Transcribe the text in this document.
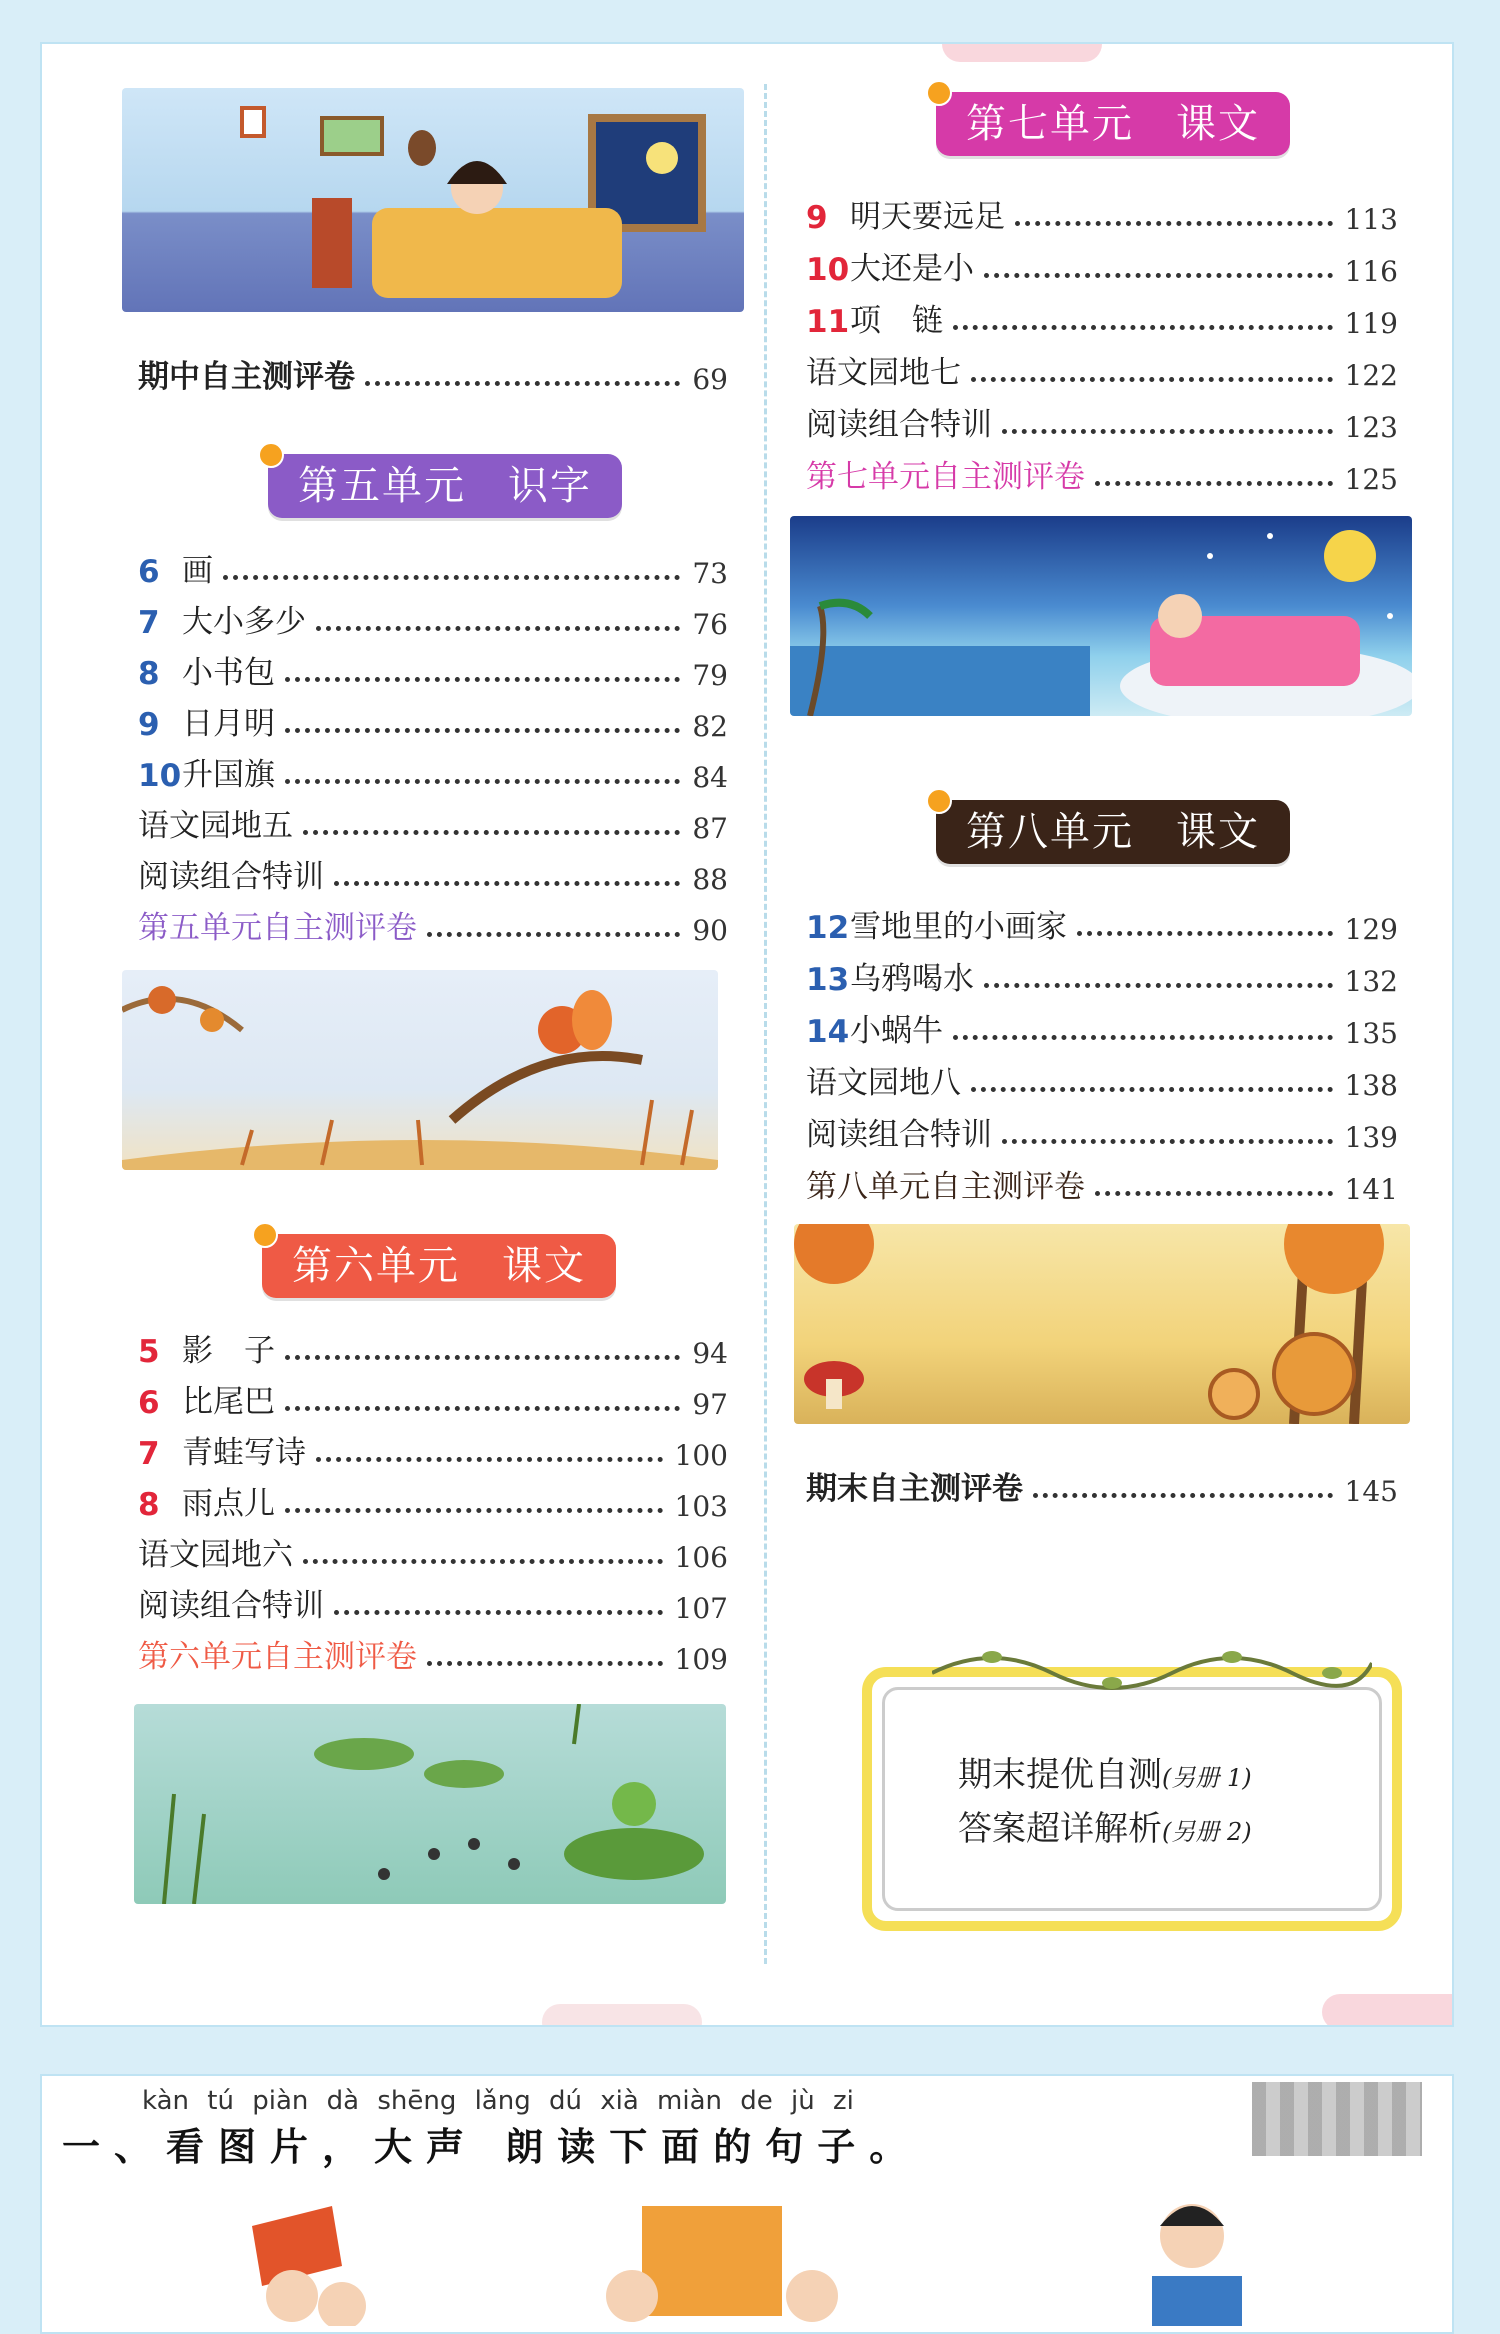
期中自主测评卷	69
第五单元　识字
第六单元　课文
第七单元　课文
第八单元　课文
期末自主测评卷	145
期末提优自测(另册 1)
答案超详解析(另册 2)
6 画	73
7 大小多少	76
8 小书包	79
9 日月明	82
10 升国旗	84
语文园地五	87
阅读组合特训	88
第五单元自主测评卷	90
5 影　子	94
6 比尾巴	97
7 青蛙写诗	100
8 雨点儿	103
语文园地六	106
阅读组合特训	107
第六单元自主测评卷	109
9 明天要远足	113
10 大还是小	116
11 项　链	119
语文园地七	122
阅读组合特训	123
第七单元自主测评卷	125
12 雪地里的小画家	129
13 乌鸦喝水	132
14 小蜗牛	135
语文园地八	138
阅读组合特训	139
第八单元自主测评卷	141
kàn tú piàn dà shēng lǎng dú xià miàn de jù zi
一、看图片，大声 朗读下面的句子。
